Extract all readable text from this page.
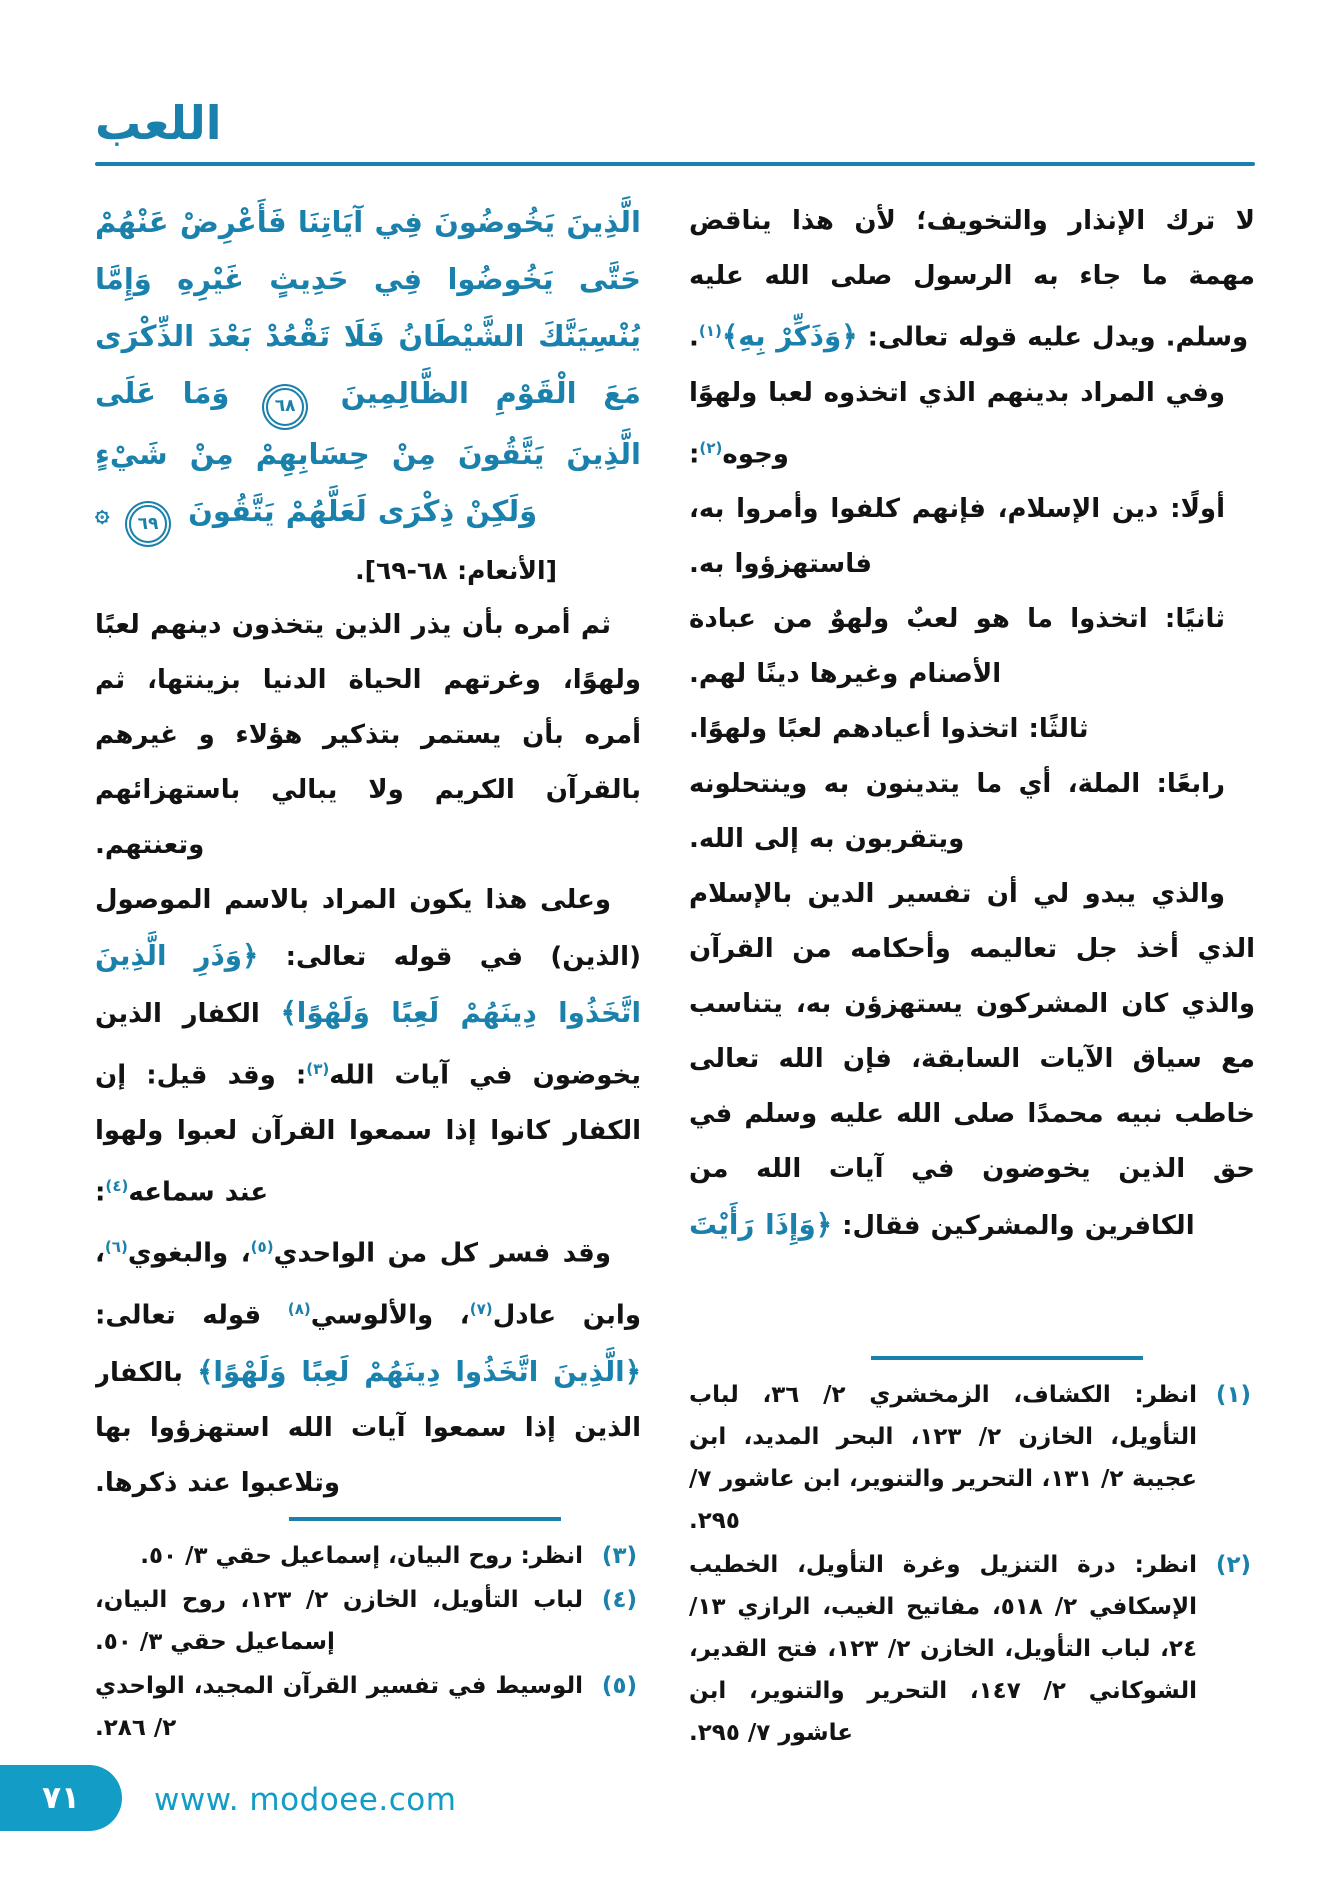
اللعب

لا ترك الإنذار والتخويف؛ لأن هذا يناقض مهمة ما جاء به الرسول صلى الله عليه وسلم. ويدل عليه قوله تعالى: ﴿وَذَكِّرْ بِهِ﴾$^{(١)}$.

وفي المراد بدينهم الذي اتخذوه لعبا ولهوًا وجوه$^{(٢)}$:

أولًا: دين الإسلام، فإنهم كلفوا وأمروا به، فاستهزؤوا به.

ثانيًا: اتخذوا ما هو لعبٌ ولهوٌ من عبادة الأصنام وغيرها دينًا لهم.

ثالثًا: اتخذوا أعيادهم لعبًا ولهوًا.

رابعًا: الملة، أي ما يتدينون به وينتحلونه ويتقربون به إلى الله.

والذي يبدو لي أن تفسير الدين بالإسلام الذي أخذ جل تعاليمه وأحكامه من القرآن والذي كان المشركون يستهزؤن به، يتناسب مع سياق الآيات السابقة، فإن الله تعالى خاطب نبيه محمدًا صلى الله عليه وسلم في حق الذين يخوضون في آيات الله من الكافرين والمشركين فقال: ﴿وَإِذَا رَأَيْتَ

(١)
انظر: الكشاف، الزمخشري ٢/ ٣٦، لباب التأويل، الخازن ٢/ ١٢٣، البحر المديد، ابن عجيبة ٢/ ١٣١، التحرير والتنوير، ابن عاشور ٧/ ٢٩٥.
(٢)
انظر: درة التنزيل وغرة التأويل، الخطيب الإسكافي ٢/ ٥١٨، مفاتيح الغيب، الرازي ١٣/ ٢٤، لباب التأويل، الخازن ٢/ ١٢٣، فتح القدير، الشوكاني ٢/ ١٤٧، التحرير والتنوير، ابن عاشور ٧/ ٢٩٥.

الَّذِينَ يَخُوضُونَ فِي آيَاتِنَا فَأَعْرِضْ عَنْهُمْ حَتَّى يَخُوضُوا فِي حَدِيثٍ غَيْرِهِ وَإِمَّا يُنْسِيَنَّكَ الشَّيْطَانُ فَلَا تَقْعُدْ بَعْدَ الذِّكْرَى مَعَ الْقَوْمِ الظَّالِمِينَ ٦٨ وَمَا عَلَى الَّذِينَ يَتَّقُونَ مِنْ حِسَابِهِمْ مِنْ شَيْءٍ وَلَكِنْ ذِكْرَى لَعَلَّهُمْ يَتَّقُونَ ٦٩ ۞

[الأنعام: ٦٨-٦٩].

ثم أمره بأن يذر الذين يتخذون دينهم لعبًا ولهوًا، وغرتهم الحياة الدنيا بزينتها، ثم أمره بأن يستمر بتذكير هؤلاء و غيرهم بالقرآن الكريم ولا يبالي باستهزائهم وتعنتهم.

وعلى هذا يكون المراد بالاسم الموصول (الذين) في قوله تعالى: ﴿وَذَرِ الَّذِينَ اتَّخَذُوا دِينَهُمْ لَعِبًا وَلَهْوًا﴾ الكفار الذين يخوضون في آيات الله$^{(٣)}$: وقد قيل: إن الكفار كانوا إذا سمعوا القرآن لعبوا ولهوا عند سماعه$^{(٤)}$:

وقد فسر كل من الواحدي$^{(٥)}$، والبغوي$^{(٦)}$، وابن عادل$^{(٧)}$، والألوسي$^{(٨)}$ قوله تعالى: ﴿الَّذِينَ اتَّخَذُوا دِينَهُمْ لَعِبًا وَلَهْوًا﴾ بالكفار الذين إذا سمعوا آيات الله استهزؤوا بها وتلاعبوا عند ذكرها.

(٣)
انظر: روح البيان، إسماعيل حقي ٣/ ٥٠.
(٤)
لباب التأويل، الخازن ٢/ ١٢٣، روح البيان، إسماعيل حقي ٣/ ٥٠.
(٥)
الوسيط في تفسير القرآن المجيد، الواحدي ٢/ ٢٨٦.
٧١ www. modoee.com
